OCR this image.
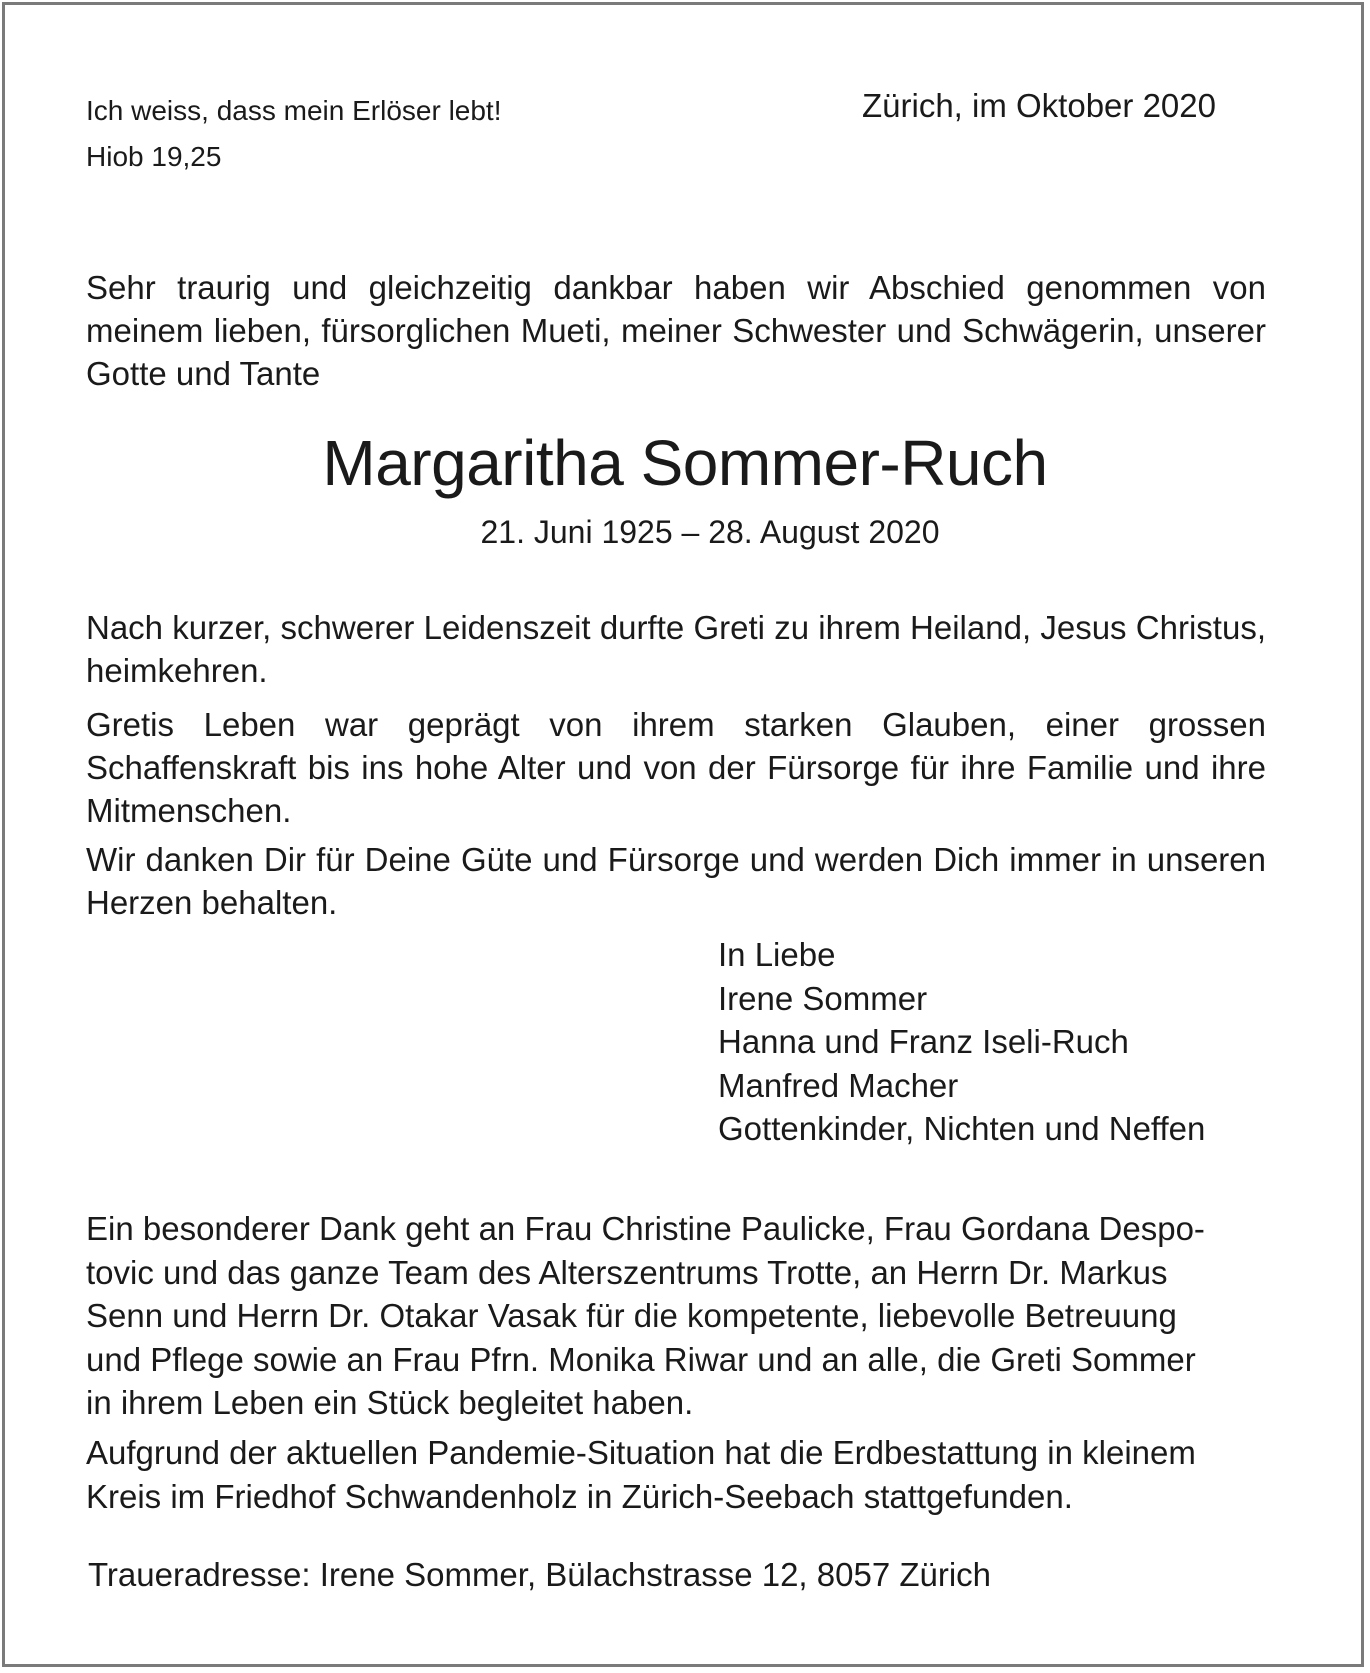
Ich weiss, dass mein Erlöser lebt!
Hiob 19,25
Zürich, im Oktober 2020

Sehr traurig und gleichzeitig dankbar haben wir Abschied genommen von meinem lieben, fürsorglichen Mueti, meiner Schwester und Schwägerin, unserer Gotte und Tante

Margaritha Sommer-Ruch
21. Juni 1925 – 28. August 2020

Nach kurzer, schwerer Leidenszeit durfte Greti zu ihrem Heiland, Jesus Christus, heimkehren.

Gretis Leben war geprägt von ihrem starken Glauben, einer grossen Schaffenskraft bis ins hohe Alter und von der Fürsorge für ihre Familie und ihre Mitmenschen.

Wir danken Dir für Deine Güte und Fürsorge und werden Dich immer in unseren Herzen behalten.

In Liebe
Irene Sommer
Hanna und Franz Iseli-Ruch
Manfred Macher
Gottenkinder, Nichten und Neffen
Ein besonderer Dank geht an Frau Christine Paulicke, Frau Gordana Despo-
tovic und das ganze Team des Alterszentrums Trotte, an Herrn Dr. Markus
Senn und Herrn Dr. Otakar Vasak für die kompetente, liebevolle Betreuung
und Pflege sowie an Frau Pfrn. Monika Riwar und an alle, die Greti Sommer
in ihrem Leben ein Stück begleitet haben.
Aufgrund der aktuellen Pandemie-Situation hat die Erdbestattung in kleinem
Kreis im Friedhof Schwandenholz in Zürich-Seebach stattgefunden.
Traueradresse: Irene Sommer, Bülachstrasse 12, 8057 Zürich
